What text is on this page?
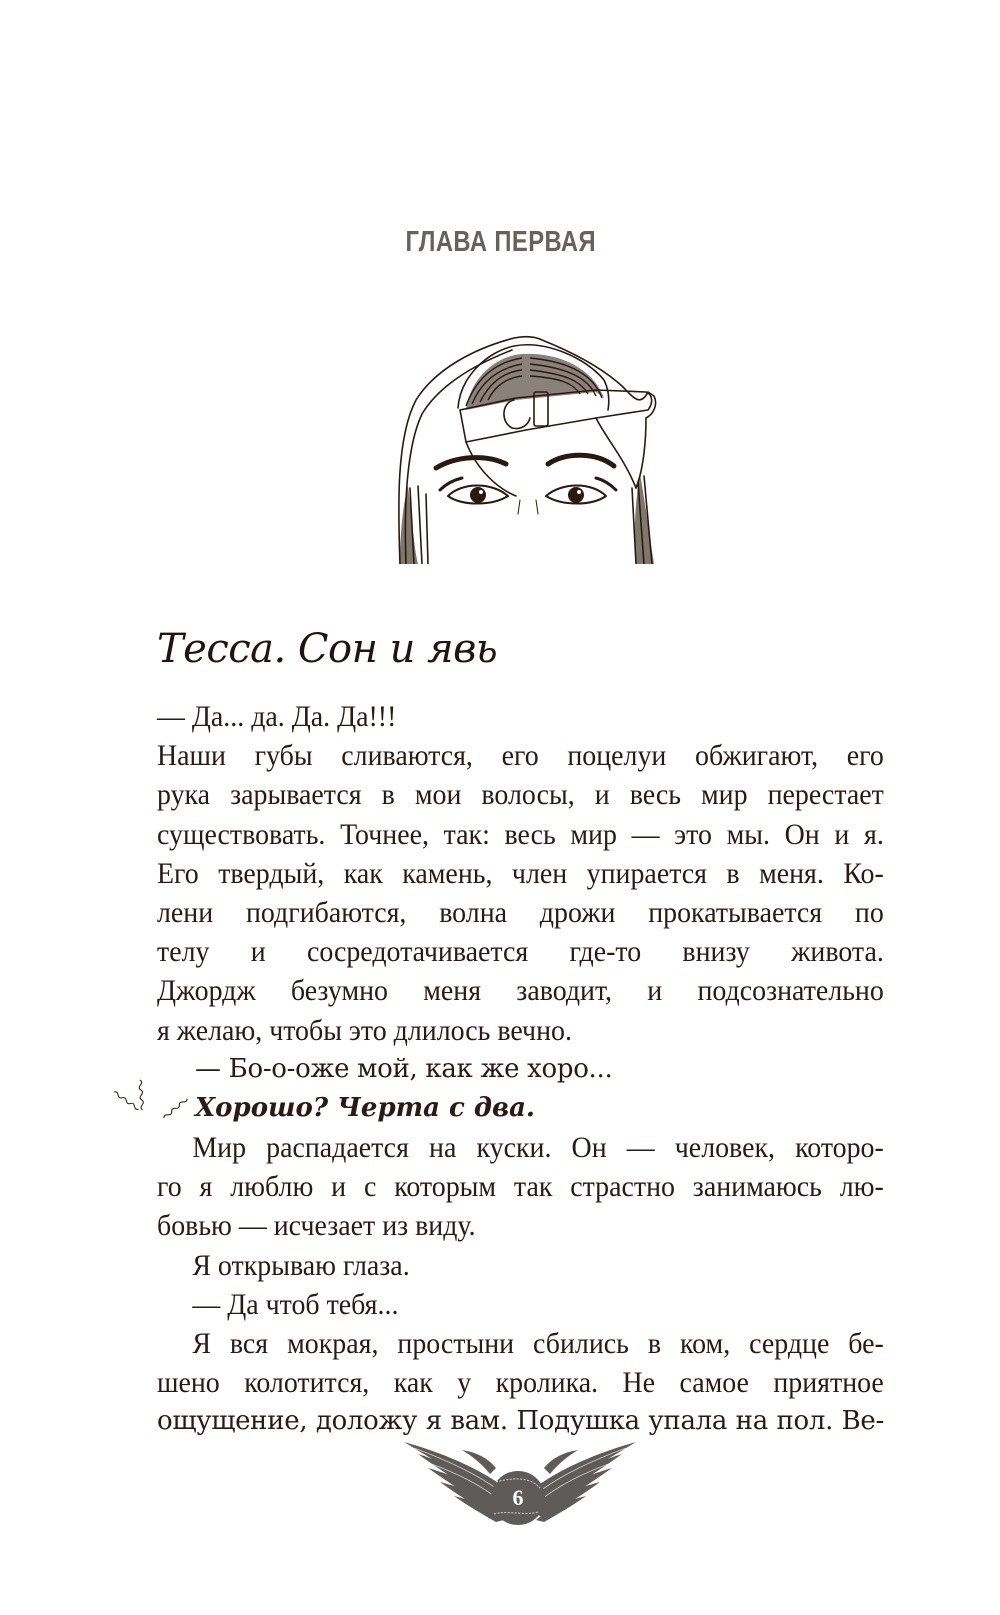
ГЛАВА ПЕРВАЯ
Тесса. Сон и явь
— Да... да. Да. Да!!!
Наши губы сливаются, его поцелуи обжигают, его
рука зарывается в мои волосы, и весь мир перестает
существовать. Точнее, так: весь мир — это мы. Он и я.
Его твердый, как камень, член упирается в меня. Ко-
лени подгибаются, волна дрожи прокатывается по
телу и сосредотачивается где-то внизу живота.
Джордж безумно меня заводит, и подсознательно
я желаю, чтобы это длилось вечно.
— Бо-о-оже мой, как же хоро...
Хорошо? Черта с два.
Мир распадается на куски. Он — человек, которо-
го я люблю и с которым так страстно занимаюсь лю-
бовью — исчезает из виду.
Я открываю глаза.
— Да чтоб тебя...
Я вся мокрая, простыни сбились в ком, сердце бе-
шено колотится, как у кролика. Не самое приятное
ощущение, доложу я вам. Подушка упала на пол. Ве-
6
